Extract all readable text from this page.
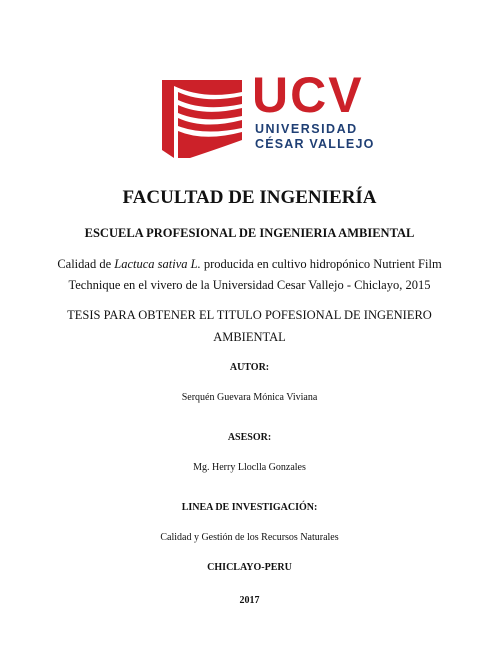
UCV
UNIVERSIDAD
CÉSAR VALLEJO
FACULTAD DE INGENIERÍA
ESCUELA PROFESIONAL DE INGENIERIA AMBIENTAL
Calidad de Lactuca sativa L. producida en cultivo hidropónico Nutrient Film
Technique en el vivero de la Universidad Cesar Vallejo - Chiclayo, 2015
TESIS PARA OBTENER EL TITULO POFESIONAL DE INGENIERO
AMBIENTAL
AUTOR:
Serquén Guevara Mónica Viviana
ASESOR:
Mg. Herry Lloclla Gonzales
LINEA DE INVESTIGACIÓN:
Calidad y Gestión de los Recursos Naturales
CHICLAYO-PERU
2017
